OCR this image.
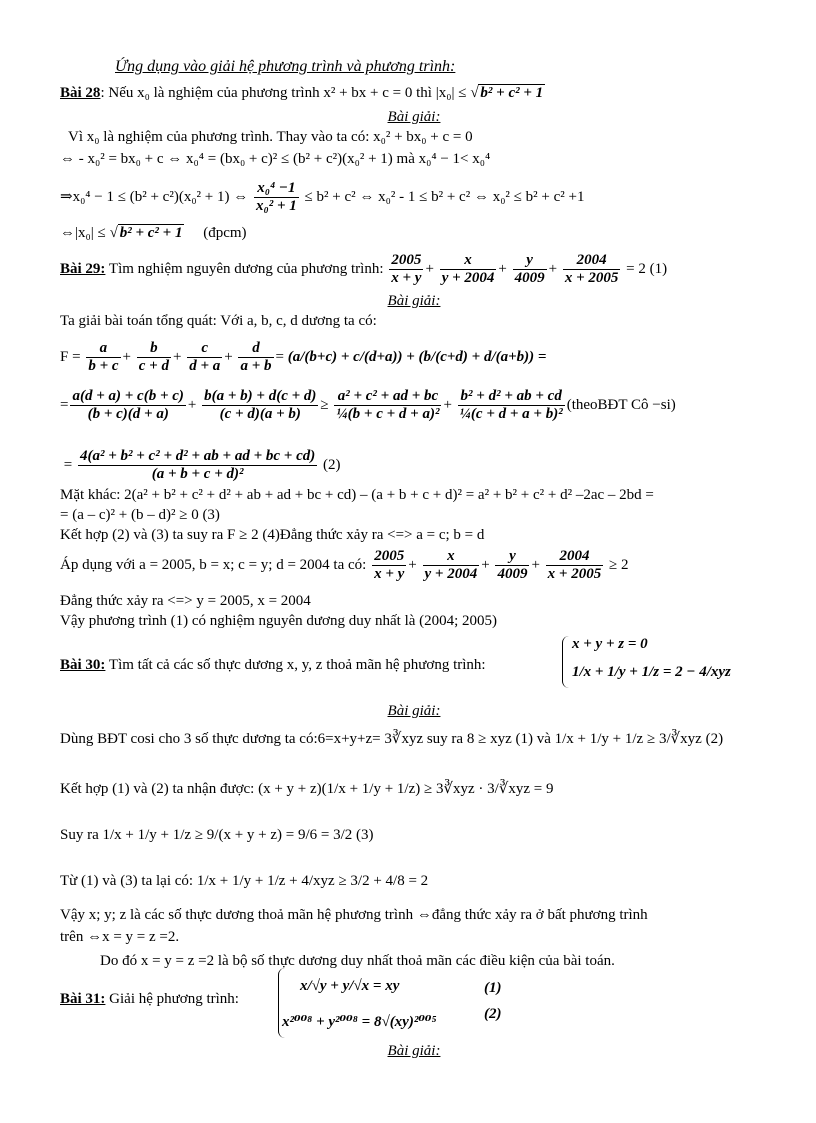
Ứng dụng vào giải hệ phương trình và phương trình:
Bài 28: Nếu x₀ là nghiệm của phương trình x² + bx + c = 0 thì |x₀| ≤ √ b² + c² + 1
Bài giải:
Vì x₀ là nghiệm của phương trình. Thay vào ta có: x₀² + bx₀ + c = 0
⇔ - x₀² = bx₀ + c ⇔ x₀⁴ = (bx₀ + c)² ≤ (b² + c²)(x₀² + 1) mà x₀⁴ − 1< x₀⁴
⇒x₀⁴ − 1 ≤ (b² + c²)(x₀² + 1) ⇔ $\frac{\text{x₀⁴ −1}}{\text{x₀² + 1}} \le b^2 + c^2$ ⇔ x₀² - 1 ≤ b² + c² ⇔ x₀² ≤ b² + c² +1
⇔|x₀| ≤ √ b² + c² + 1 (đpcm)
Bài 29: Tìm nghiệm nguyên dương của phương trình: $\frac{2005}{x + y} + \frac{x}{y + 2004} + \frac{y}{4009} + \frac{2004}{x + 2005} = 2$ (1)
Bài giải:
Ta giải bài toán tổng quát: Với a, b, c, d dương ta có:
$F = \frac{a}{b + c} + \frac{b}{c + d} + \frac{c}{d + a} + \frac{d}{a + b} = (a/(b+c) + c/(d+a)) + (b/(c+d) + d/(a+b))$ =
= $\frac{a(d + a) + c(b + c)}{(b + c)(d + a)} + \frac{b(a + b) + d(c + d)}{(c + d)(a + b)} \ge \frac{\text{a² + c² + ad + bc}}{\text{¼(b + c + d + a)²}} + \frac{\text{b² + d² + ab + cd}}{\text{¼(c + d + a + b)²}}$ (theoBĐT Cô −si)
= $\frac{\text{4(a² + b² + c² + d² + ab + ad + bc + cd)}}{\text{(a + b + c + d)²}} (2)$
Mặt khác: 2(a² + b² + c² + d² + ab + ad + bc + cd) – (a + b + c + d)² = a² + b² + c² + d² –2ac – 2bd =
= (a – c)² + (b – d)² ≥ 0 (3)
Kết hợp (2) và (3) ta suy ra F ≥ 2 (4)Đẳng thức xảy ra <=> a = c; b = d
Áp dụng với a = 2005, b = x; c = y; d = 2004 ta có: $\frac{2005}{x + y} + \frac{x}{y + 2004} + \frac{y}{4009} + \frac{2004}{x + 2005} \ge 2$
Đẳng thức xảy ra <=> y = 2005, x = 2004
Vậy phương trình (1) có nghiệm nguyên dương duy nhất là (2004; 2005)
Bài 30: Tìm tất cả các số thực dương x, y, z thoả mãn hệ phương trình:
x + y + z = 0
1/x + 1/y + 1/z = 2 − 4/xyz
Bài giải:
Dùng BĐT cosi cho 3 số thực dương ta có:6=x+y+z= 3∛xyz suy ra 8 ≥ xyz (1) và 1/x + 1/y + 1/z ≥ 3/∛xyz (2)
Kết hợp (1) và (2) ta nhận được: (x + y + z)(1/x + 1/y + 1/z) ≥ 3∛xyz · 3/∛xyz = 9
Suy ra 1/x + 1/y + 1/z ≥ 9/(x + y + z) = 9/6 = 3/2 (3)
Từ (1) và (3) ta lại có: 1/x + 1/y + 1/z + 4/xyz ≥ 3/2 + 4/8 = 2
Vậy x; y; z là các số thực dương thoả mãn hệ phương trình ⇔đẳng thức xảy ra ở bất phương trình
trên ⇔x = y = z =2.
Do đó x = y = z =2 là bộ số thực dương duy nhất thoả mãn các điều kiện của bài toán.
Bài 31: Giải hệ phương trình:
x/√y + y/√x = xy	(1)
x²⁰⁰⁸ + y²⁰⁰⁸ = 8√(xy)²⁰⁰⁵	(2)
Bài giải:
